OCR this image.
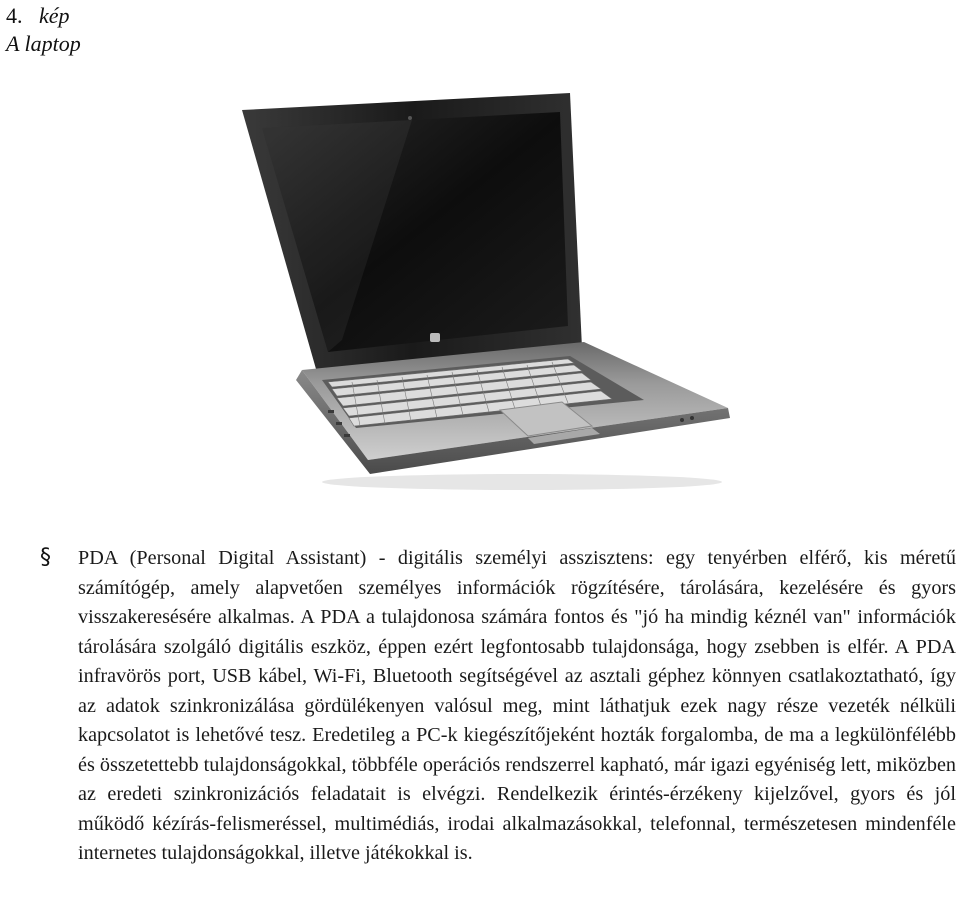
4. kép
A laptop
§ PDA (Personal Digital Assistant) - digitális személyi asszisztens: egy tenyérben elférő, kis méretű számítógép, amely alapvetően személyes információk rögzítésére, tárolására, kezelésére és gyors visszakeresésére alkalmas. A PDA a tulajdonosa számára fontos és "jó ha mindig kéznél van" információk tárolására szolgáló digitális eszköz, éppen ezért legfontosabb tulajdonsága, hogy zsebben is elfér. A PDA infravörös port, USB kábel, Wi-Fi, Bluetooth segítségével az asztali géphez könnyen csatlakoztatható, így az adatok szinkronizálása gördülékenyen valósul meg, mint láthatjuk ezek nagy része vezeték nélküli kapcsolatot is lehetővé tesz. Eredetileg a PC-k kiegészítőjeként hozták forgalomba, de ma a legkülönfélébb és összetettebb tulajdonságokkal, többféle operációs rendszerrel kapható, már igazi egyéniség lett, miközben az eredeti szinkronizációs feladatait is elvégzi. Rendelkezik érintés-érzékeny kijelzővel, gyors és jól működő kézírás-felismeréssel, multimédiás, irodai alkalmazásokkal, telefonnal, természetesen mindenféle internetes tulajdonságokkal, illetve játékokkal is.
